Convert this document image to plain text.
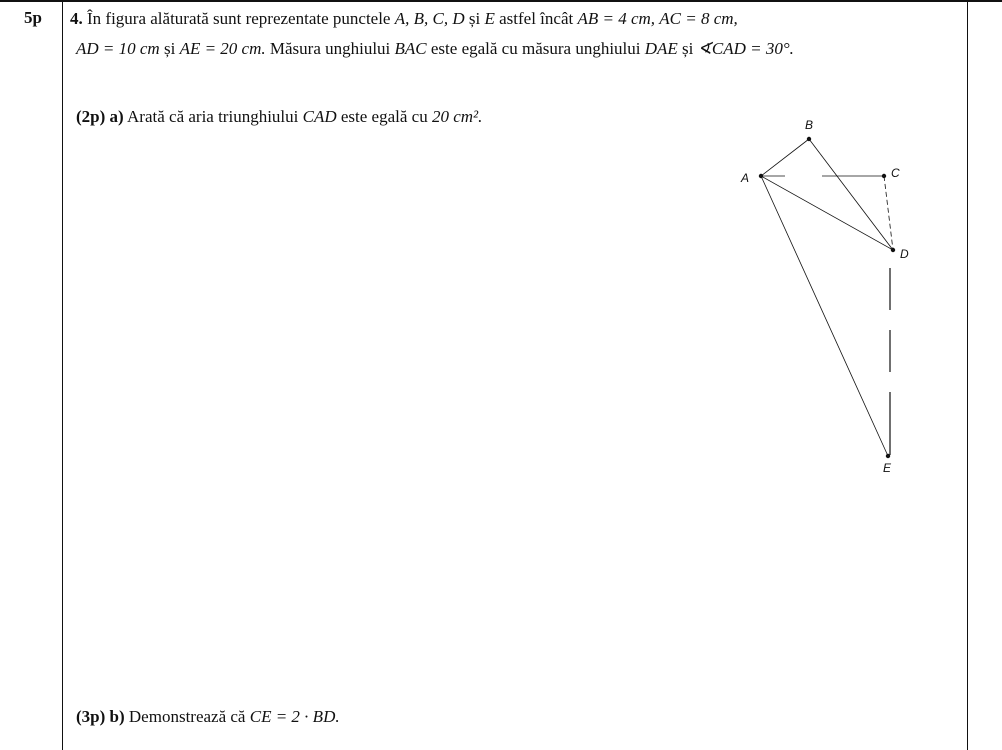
5p	4. În figura alăturată sunt reprezentate punctele A, B, C, D și E astfel încât AB = 4 cm, AC = 8 cm,
AD = 10 cm și AE = 20 cm. Măsura unghiului BAC este egală cu măsura unghiului DAE și ∢CAD = 30°.
(2p) a) Arată că aria triunghiului CAD este egală cu 20 cm².
(3p) b) Demonstrează că CE = 2 · BD.
A
B
C
D
E
